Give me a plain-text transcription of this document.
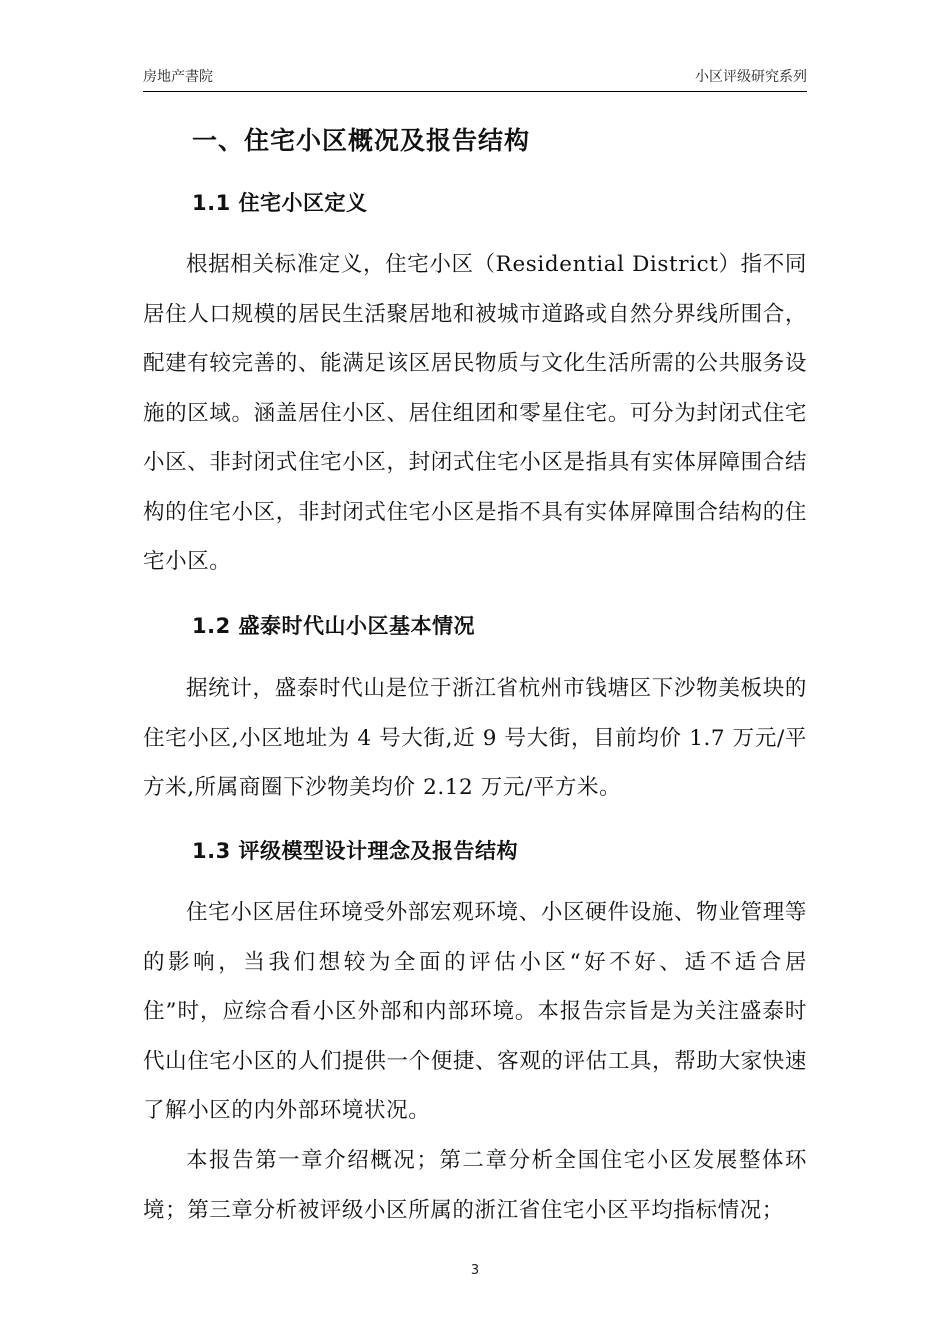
房地产書院	小区评级研究系列
一、住宅小区概况及报告结构
1.1 住宅小区定义
根据相关标准定义，住宅小区（Residential District）指不同居住人口规模的居民生活聚居地和被城市道路或自然分界线所围合，配建有较完善的、能满足该区居民物质与文化生活所需的公共服务设施的区域。涵盖居住小区、居住组团和零星住宅。可分为封闭式住宅小区、非封闭式住宅小区，封闭式住宅小区是指具有实体屏障围合结构的住宅小区，非封闭式住宅小区是指不具有实体屏障围合结构的住宅小区。
1.2 盛泰时代山小区基本情况
据统计，盛泰时代山是位于浙江省杭州市钱塘区下沙物美板块的住宅小区,小区地址为 4 号大街,近 9 号大街，目前均价 1.7 万元/平方米,所属商圈下沙物美均价 2.12 万元/平方米。
1.3 评级模型设计理念及报告结构
住宅小区居住环境受外部宏观环境、小区硬件设施、物业管理等的影响，当我们想较为全面的评估小区“好不好、适不适合居住”时，应综合看小区外部和内部环境。本报告宗旨是为关注盛泰时代山住宅小区的人们提供一个便捷、客观的评估工具，帮助大家快速了解小区的内外部环境状况。
本报告第一章介绍概况；第二章分析全国住宅小区发展整体环境；第三章分析被评级小区所属的浙江省住宅小区平均指标情况；
3
